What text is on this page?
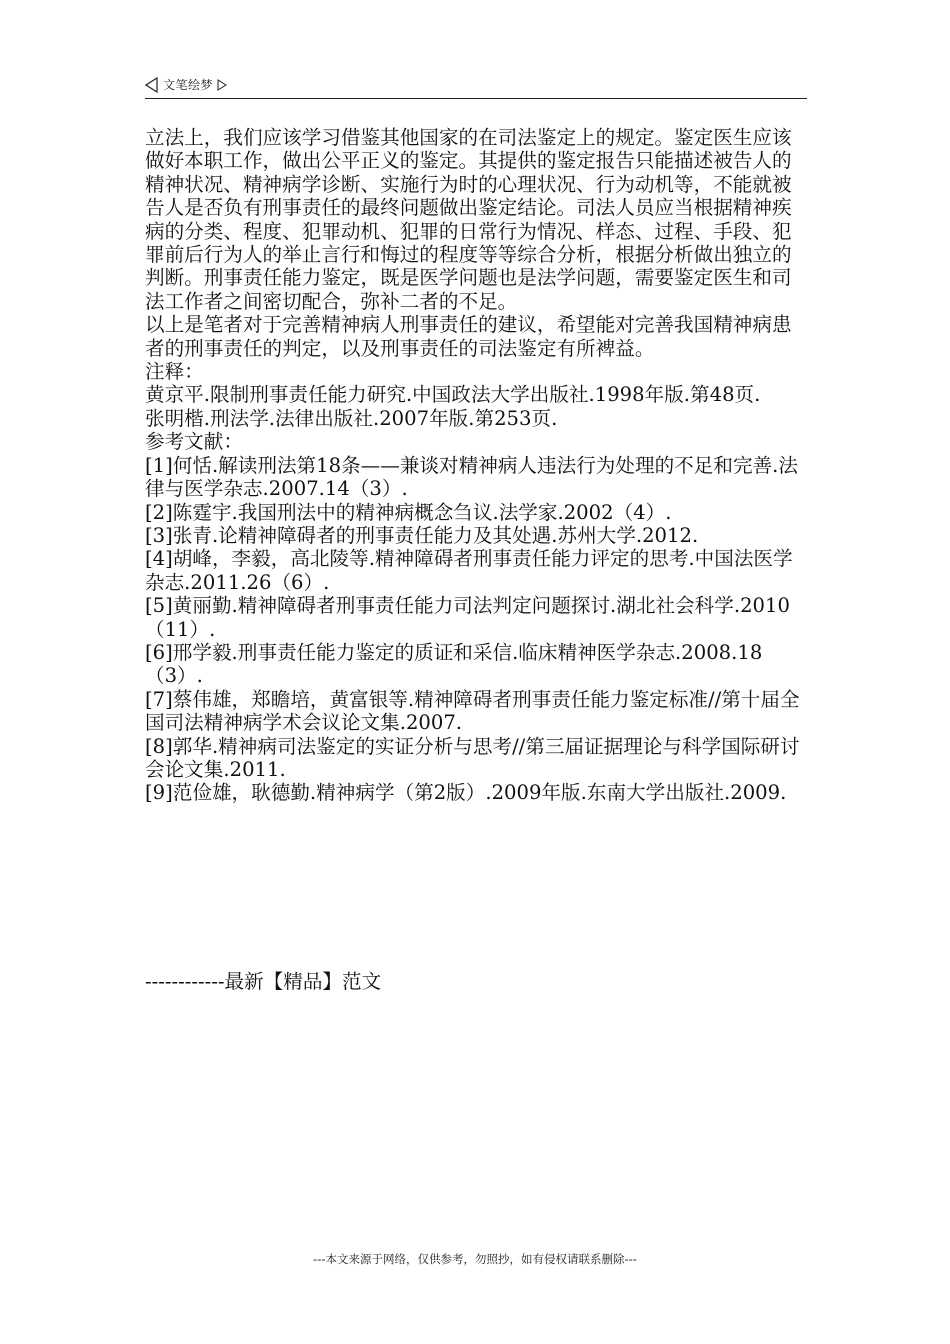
文笔绘梦

立法上，我们应该学习借鉴其他国家的在司法鉴定上的规定。鉴定医生应该做好本职工作，做出公平正义的鉴定。其提供的鉴定报告只能描述被告人的精神状况、精神病学诊断、实施行为时的心理状况、行为动机等，不能就被告人是否负有刑事责任的最终问题做出鉴定结论。司法人员应当根据精神疾病的分类、程度、犯罪动机、犯罪的日常行为情况、样态、过程、手段、犯罪前后行为人的举止言行和悔过的程度等等综合分析，根据分析做出独立的判断。刑事责任能力鉴定，既是医学问题也是法学问题，需要鉴定医生和司法工作者之间密切配合，弥补二者的不足。

以上是笔者对于完善精神病人刑事责任的建议，希望能对完善我国精神病患者的刑事责任的判定，以及刑事责任的司法鉴定有所裨益。

注释：

黄京平.限制刑事责任能力研究.中国政法大学出版社.1998年版.第48页.

张明楷.刑法学.法律出版社.2007年版.第253页.

参考文献：

[1]何恬.解读刑法第18条——兼谈对精神病人违法行为处理的不足和完善.法律与医学杂志.2007.14（3）.

[2]陈霆宇.我国刑法中的精神病概念刍议.法学家.2002（4）.

[3]张青.论精神障碍者的刑事责任能力及其处遇.苏州大学.2012.

[4]胡峰，李毅，高北陵等.精神障碍者刑事责任能力评定的思考.中国法医学杂志.2011.26（6）.

[5]黄丽勤.精神障碍者刑事责任能力司法判定问题探讨.湖北社会科学.2010（11）.

[6]邢学毅.刑事责任能力鉴定的质证和采信.临床精神医学杂志.2008.18（3）.

[7]蔡伟雄，郑瞻培，黄富银等.精神障碍者刑事责任能力鉴定标准//第十届全国司法精神病学术会议论文集.2007.

[8]郭华.精神病司法鉴定的实证分析与思考//第三届证据理论与科学国际研讨会论文集.2011.

[9]范俭雄，耿德勤.精神病学（第2版）.2009年版.东南大学出版社.2009.

------------最新【精品】范文
---本文来源于网络，仅供参考，勿照抄，如有侵权请联系删除---
